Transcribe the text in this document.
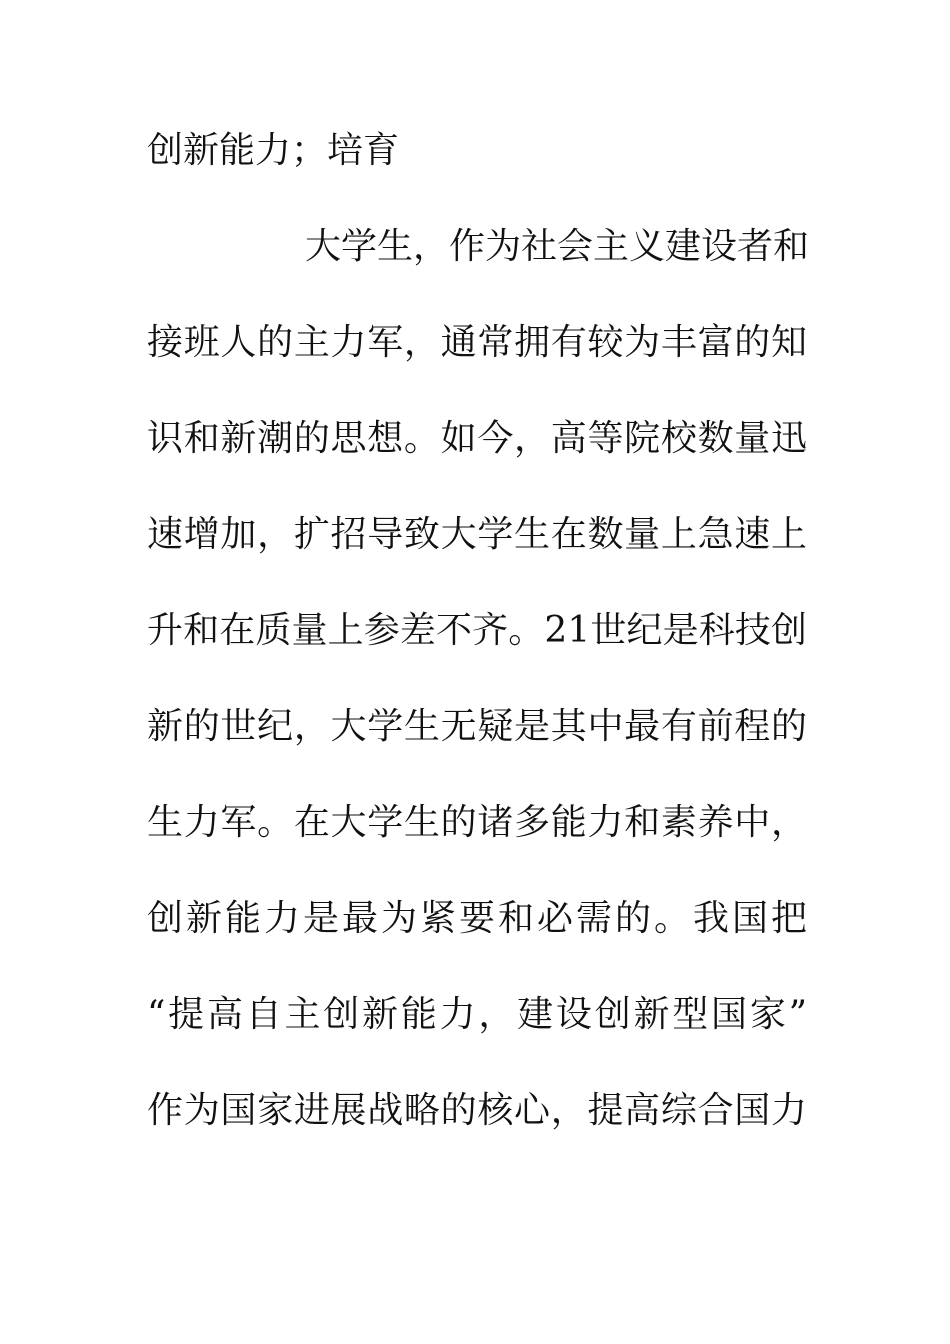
创新能力；培育
大学生，作为社会主义建设者和
接班人的主力军，通常拥有较为丰富的知
识和新潮的思想。如今，高等院校数量迅
速增加，扩招导致大学生在数量上急速上
升和在质量上参差不齐。21世纪是科技创
新的世纪，大学生无疑是其中最有前程的
生力军。在大学生的诸多能力和素养中，
创新能力是最为紧要和必需的。我国把
“提高自主创新能力，建设创新型国家”
作为国家进展战略的核心，提高综合国力
